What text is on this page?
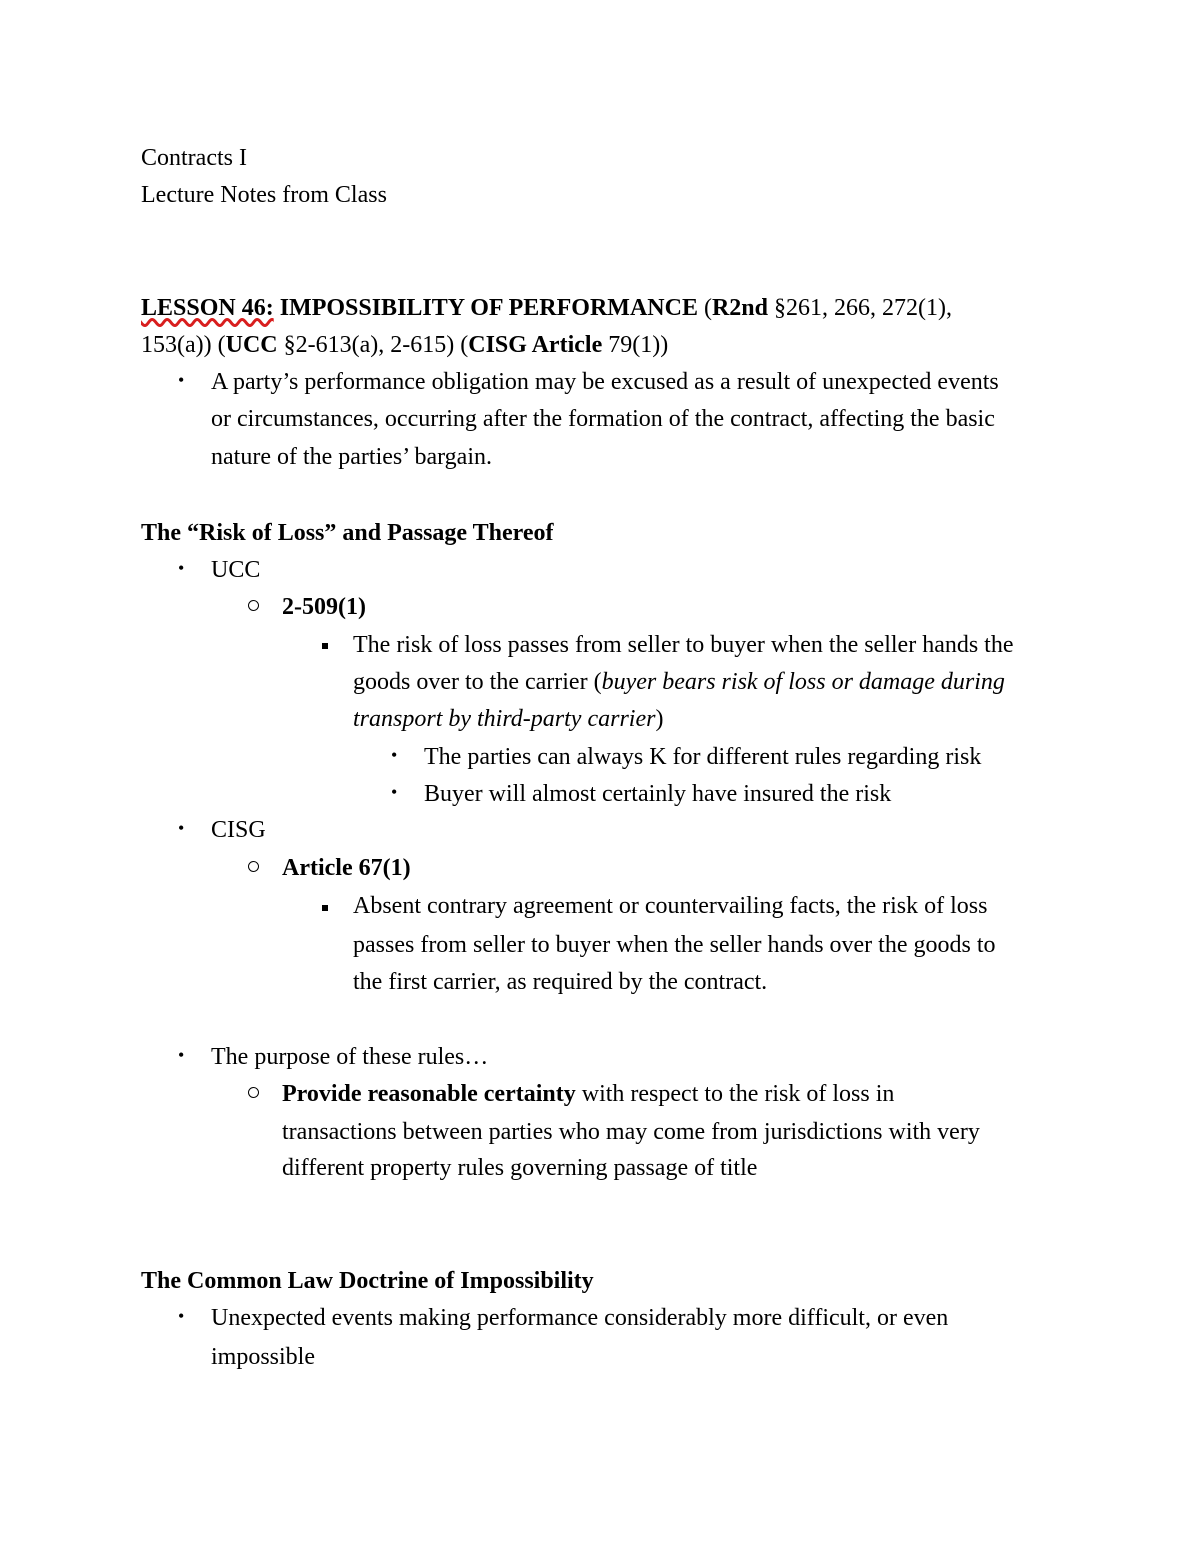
Contracts I
Lecture Notes from Class
LESSON 46: IMPOSSIBILITY OF PERFORMANCE (R2nd §261, 266, 272(1),
153(a)) (UCC §2-613(a), 2-615) (CISG Article 79(1))
• A party’s performance obligation may be excused as a result of unexpected events
or circumstances, occurring after the formation of the contract, affecting the basic
nature of the parties’ bargain.
The “Risk of Loss” and Passage Thereof
• UCC
2-509(1)
The risk of loss passes from seller to buyer when the seller hands the
goods over to the carrier (buyer bears risk of loss or damage during
transport by third-party carrier)
• The parties can always K for different rules regarding risk
• Buyer will almost certainly have insured the risk
• CISG
Article 67(1)
Absent contrary agreement or countervailing facts, the risk of loss
passes from seller to buyer when the seller hands over the goods to
the first carrier, as required by the contract.
• The purpose of these rules…
Provide reasonable certainty with respect to the risk of loss in
transactions between parties who may come from jurisdictions with very
different property rules governing passage of title
The Common Law Doctrine of Impossibility
• Unexpected events making performance considerably more difficult, or even
impossible
